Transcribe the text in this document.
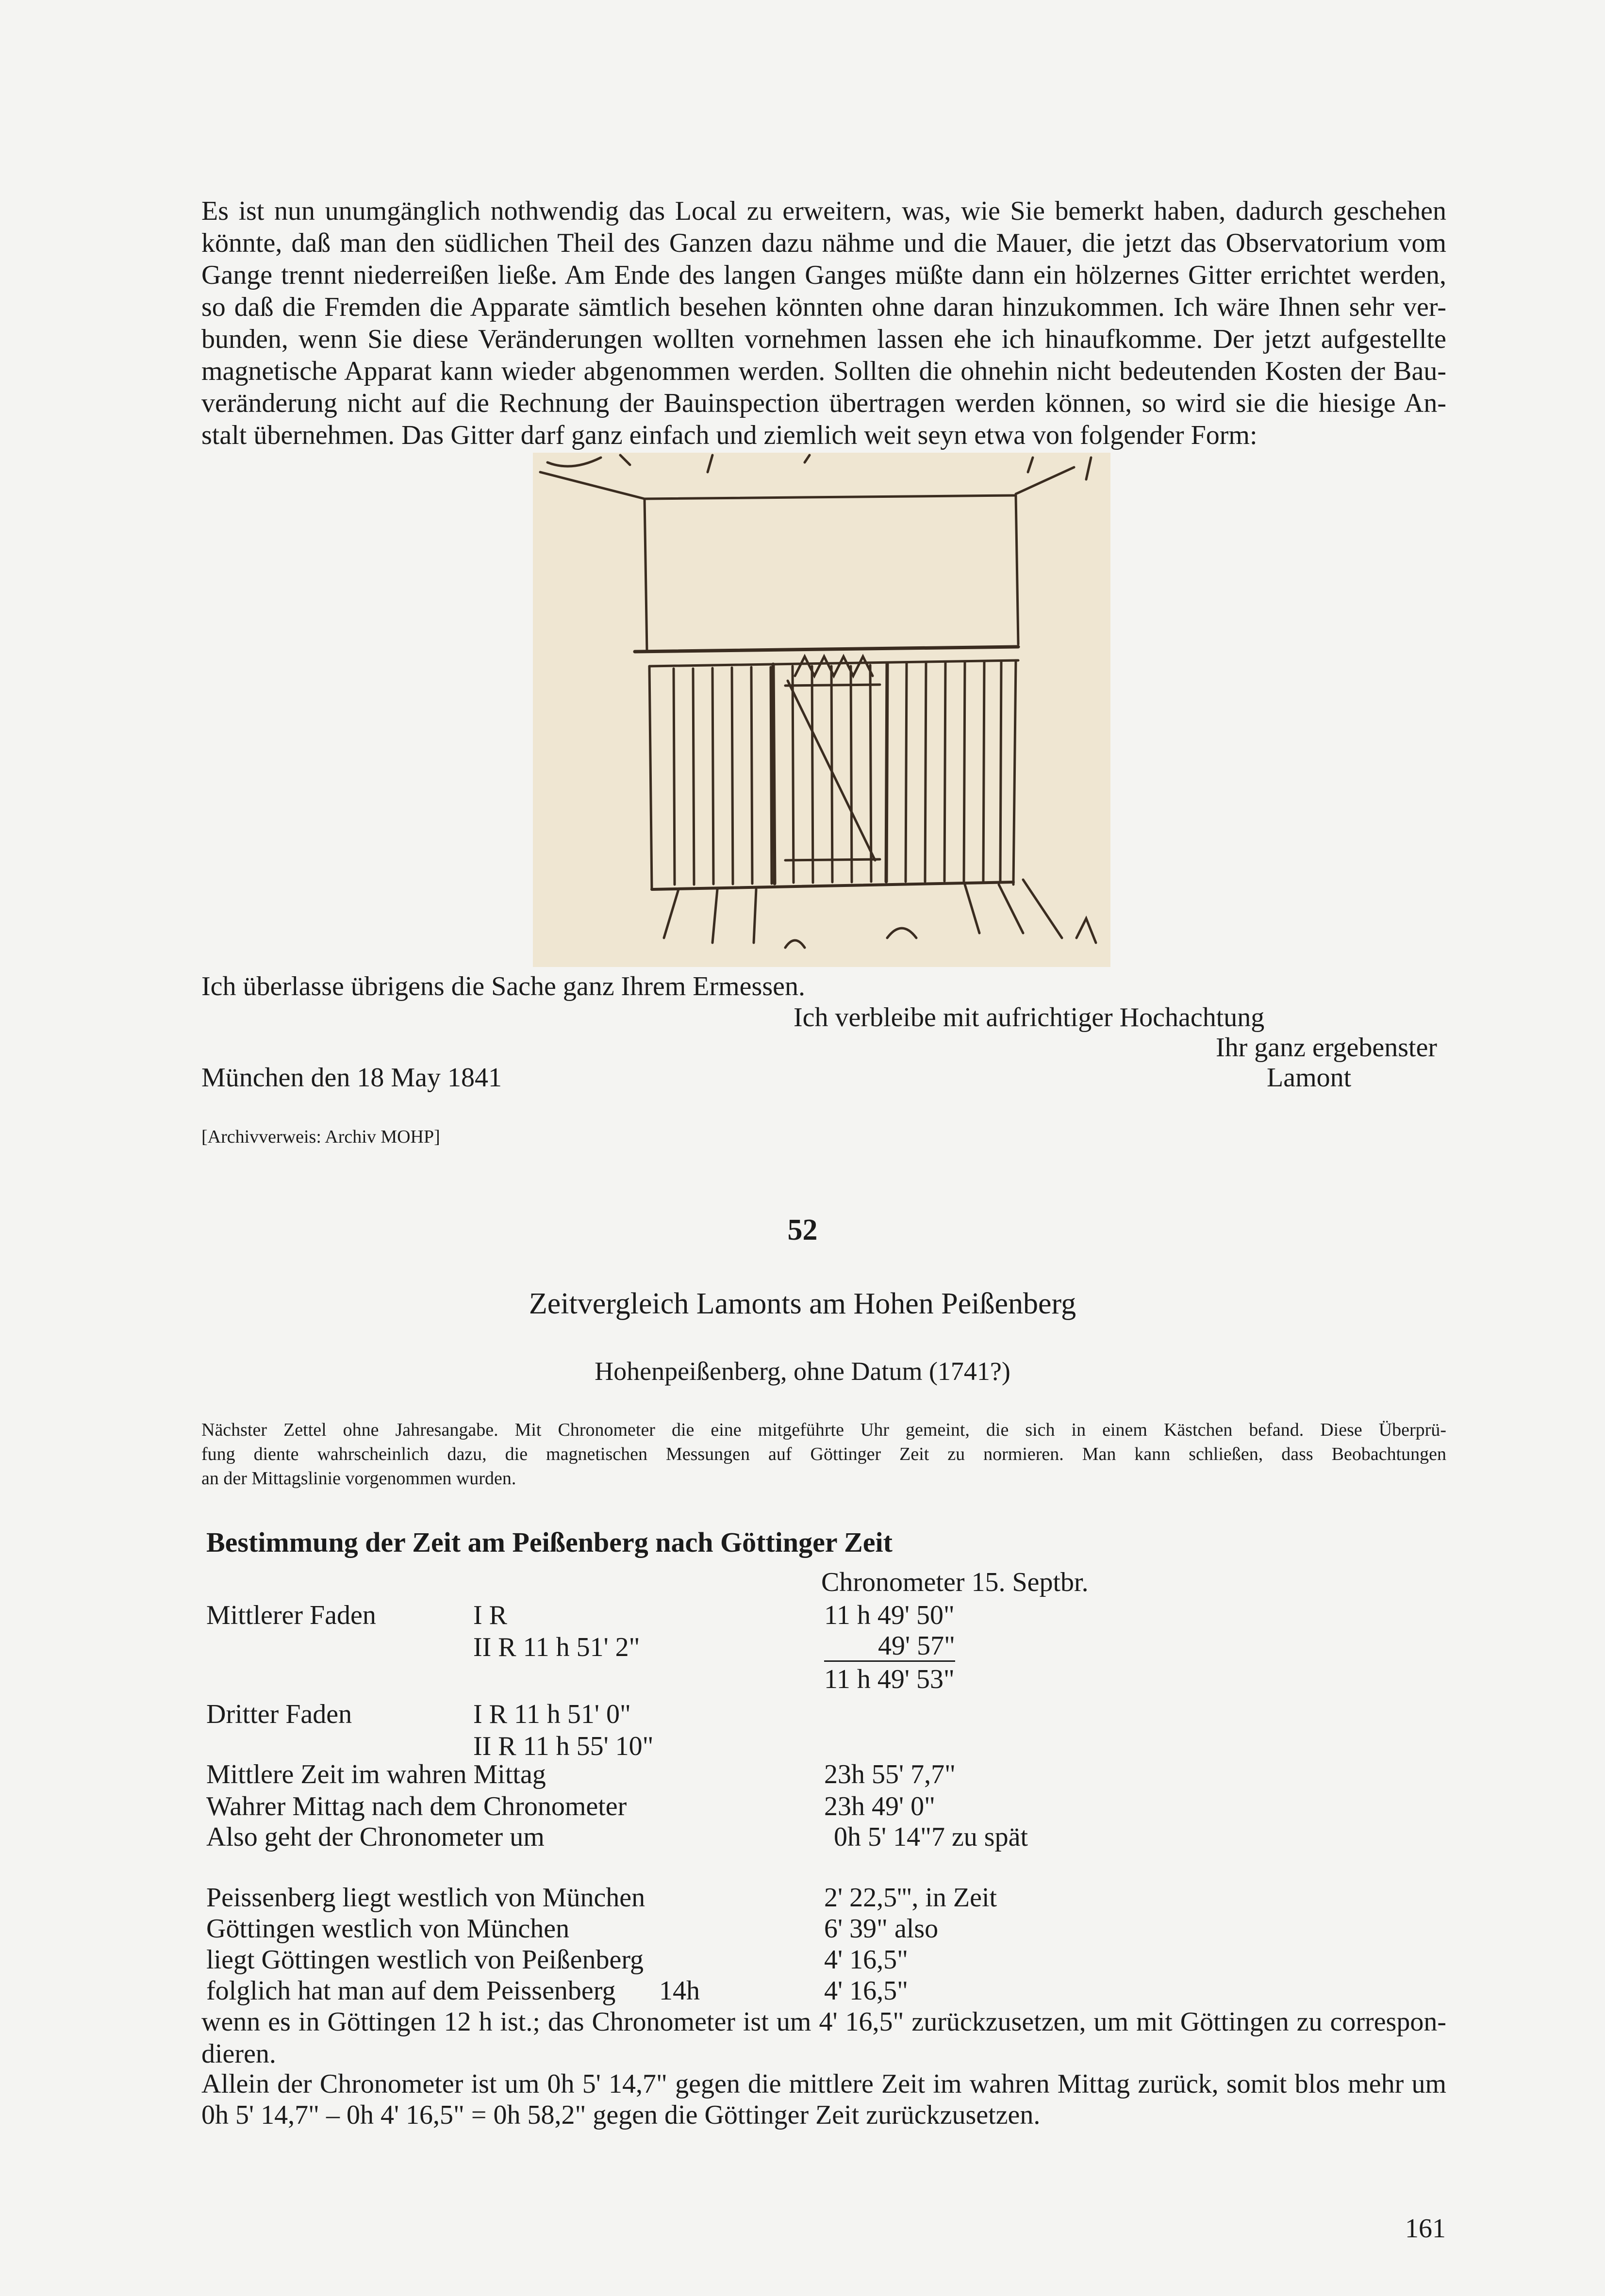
Es ist nun unumgänglich nothwendig das Local zu erweitern, was, wie Sie bemerkt haben, dadurch geschehen
könnte, daß man den südlichen Theil des Ganzen dazu nähme und die Mauer, die jetzt das Observatorium vom
Gange trennt niederreißen ließe. Am Ende des langen Ganges müßte dann ein hölzernes Gitter errichtet werden,
so daß die Fremden die Apparate sämtlich besehen könnten ohne daran hinzukommen. Ich wäre Ihnen sehr ver-
bunden, wenn Sie diese Veränderungen wollten vornehmen lassen ehe ich hinaufkomme. Der jetzt aufgestellte
magnetische Apparat kann wieder abgenommen werden. Sollten die ohnehin nicht bedeutenden Kosten der Bau-
veränderung nicht auf die Rechnung der Bauinspection übertragen werden können, so wird sie die hiesige An-
stalt übernehmen. Das Gitter darf ganz einfach und ziemlich weit seyn etwa von folgender Form:
Ich überlasse übrigens die Sache ganz Ihrem Ermessen.
Ich verbleibe mit aufrichtiger Hochachtung
Ihr ganz ergebenster
München den 18 May 1841	Lamont
[Archivverweis: Archiv MOHP]
52
Zeitvergleich Lamonts am Hohen Peißenberg
Hohenpeißenberg, ohne Datum (1741?)
Nächster Zettel ohne Jahresangabe. Mit Chronometer die eine mitgeführte Uhr gemeint, die sich in einem Kästchen befand. Diese Überprü-
fung diente wahrscheinlich dazu, die magnetischen Messungen auf Göttinger Zeit zu normieren. Man kann schließen, dass Beobachtungen
an der Mittagslinie vorgenommen wurden.
Bestimmung der Zeit am Peißenberg nach Göttinger Zeit
Chronometer 15. Septbr.
Mittlerer Faden	I R	11 h 49' 50"
II R 11 h 51' 2"	49' 57"
11 h 49' 53"
Dritter Faden	I R 11 h 51' 0"
II R 11 h 55' 10"
Mittlere Zeit im wahren Mittag	23h 55' 7,7"
Wahrer Mittag nach dem Chronometer	23h 49' 0"
Also geht der Chronometer um	0h 5' 14"7 zu spät
Peissenberg liegt westlich von München	2' 22,5''', in Zeit
Göttingen westlich von München	6' 39" also
liegt Göttingen westlich von Peißenberg	4' 16,5"
folglich hat man auf dem Peissenberg 14h	4' 16,5"
wenn es in Göttingen 12 h ist.; das Chronometer ist um 4' 16,5" zurückzusetzen, um mit Göttingen zu correspon-
dieren.
Allein der Chronometer ist um 0h 5' 14,7" gegen die mittlere Zeit im wahren Mittag zurück, somit blos mehr um
0h 5' 14,7" – 0h 4' 16,5" = 0h 58,2" gegen die Göttinger Zeit zurückzusetzen.
161
